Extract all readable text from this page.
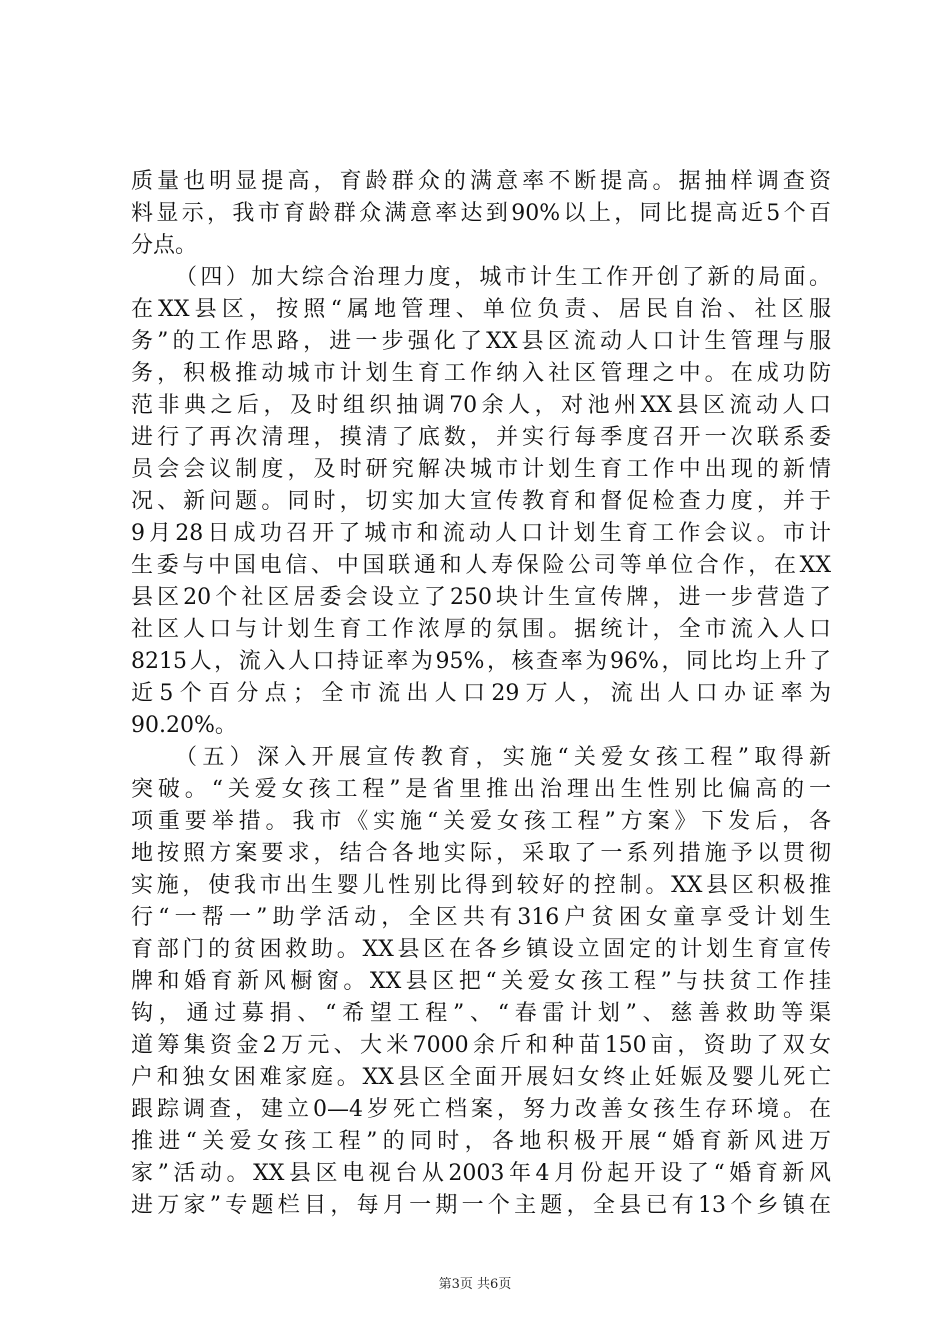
质量也明显提高，育龄群众的满意率不断提高。据抽样调查资
料显示，我市育龄群众满意率达到90%以上，同比提高近5个百
分点。
（四）加大综合治理力度，城市计生工作开创了新的局面。
在XX县区，按照“属地管理、单位负责、居民自治、社区服
务”的工作思路，进一步强化了XX县区流动人口计生管理与服
务，积极推动城市计划生育工作纳入社区管理之中。在成功防
范非典之后，及时组织抽调70余人，对池州XX县区流动人口
进行了再次清理，摸清了底数，并实行每季度召开一次联系委
员会会议制度，及时研究解决城市计划生育工作中出现的新情
况、新问题。同时，切实加大宣传教育和督促检查力度，并于
9月28日成功召开了城市和流动人口计划生育工作会议。市计
生委与中国电信、中国联通和人寿保险公司等单位合作，在XX
县区20个社区居委会设立了250块计生宣传牌，进一步营造了
社区人口与计划生育工作浓厚的氛围。据统计，全市流入人口
8215人，流入人口持证率为95%，核查率为96%，同比均上升了
近5个百分点；全市流出人口29万人，流出人口办证率为
90.20%。
（五）深入开展宣传教育，实施“关爱女孩工程”取得新
突破。“关爱女孩工程”是省里推出治理出生性别比偏高的一
项重要举措。我市《实施“关爱女孩工程”方案》下发后，各
地按照方案要求，结合各地实际，采取了一系列措施予以贯彻
实施，使我市出生婴儿性别比得到较好的控制。XX县区积极推
行“一帮一”助学活动，全区共有316户贫困女童享受计划生
育部门的贫困救助。XX县区在各乡镇设立固定的计划生育宣传
牌和婚育新风橱窗。XX县区把“关爱女孩工程”与扶贫工作挂
钩，通过募捐、“希望工程”、“春雷计划”、慈善救助等渠
道筹集资金2万元、大米7000余斤和种苗150亩，资助了双女
户和独女困难家庭。XX县区全面开展妇女终止妊娠及婴儿死亡
跟踪调查，建立0—4岁死亡档案，努力改善女孩生存环境。在
推进“关爱女孩工程”的同时，各地积极开展“婚育新风进万
家”活动。XX县区电视台从2003年4月份起开设了“婚育新风
进万家”专题栏目，每月一期一个主题，全县已有13个乡镇在
第3页 共6页
